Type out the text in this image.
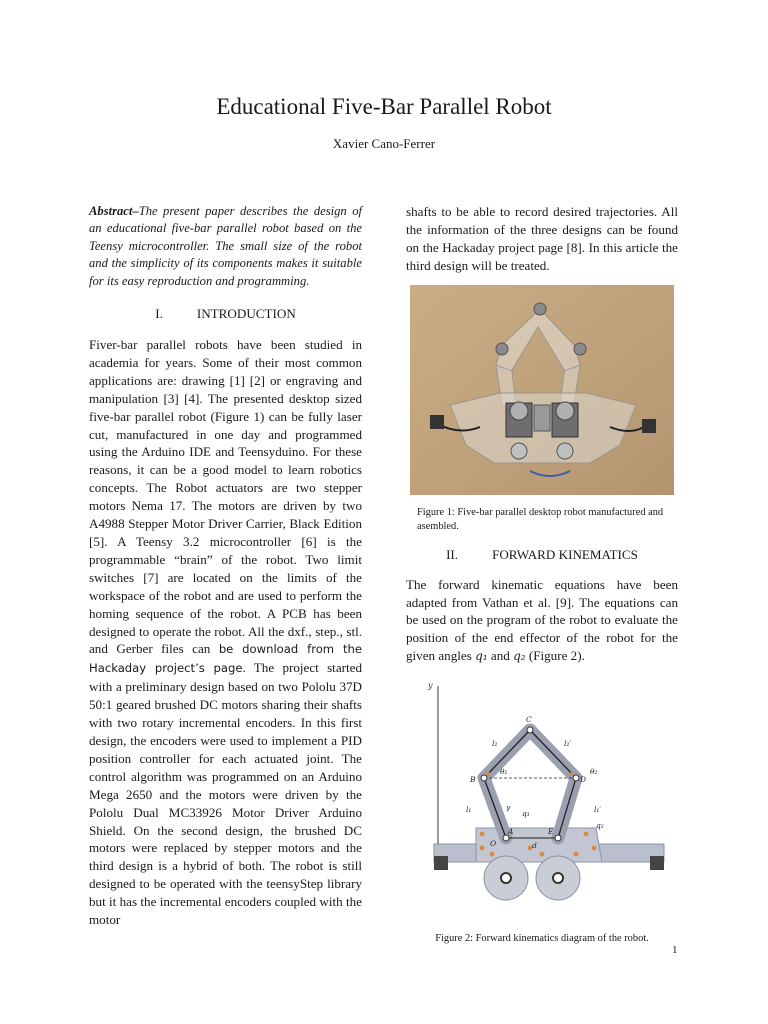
Educational Five-Bar Parallel Robot
Xavier Cano-Ferrer

Abstract–The present paper describes the design of an educational five-bar parallel robot based on the Teensy microcontroller. The small size of the robot and the simplicity of its components makes it suitable for its easy reproduction and programming.

I.	INTRODUCTION

Fiver-bar parallel robots have been studied in academia for years. Some of their most common applications are: drawing [1] [2] or engraving and manipulation [3] [4]. The presented desktop sized five-bar parallel robot (Figure 1) can be fully laser cut, manufactured in one day and programmed using the Arduino IDE and Teensyduino. For these reasons, it can be a good model to learn robotics concepts. The Robot actuators are two stepper motors Nema 17. The motors are driven by two A4988 Stepper Motor Driver Carrier, Black Edition [5]. A Teensy 3.2 microcontroller [6] is the programmable “brain” of the robot. Two limit switches [7] are located on the limits of the workspace of the robot and are used to perform the homing sequence of the robot. A PCB has been designed to operate the robot. All the dxf., step., stl. and Gerber files can be download from the Hackaday project’s page. The project started with a preliminary design based on two Pololu 37D 50:1 geared brushed DC motors sharing their shafts with two rotary incremental encoders. In this first design, the encoders were used to implement a PID position controller for each actuated joint. The control algorithm was programmed on an Arduino Mega 2650 and the motors were driven by the Pololu Dual MC33926 Motor Driver Arduino Shield. On the second design, the brushed DC motors were replaced by stepper motors and the third design is a hybrid of both. The robot is still designed to be operated with the teensyStep library but it has the incremental encoders coupled with the motor

shafts to be able to record desired trajectories. All the information of the three designs can be found on the Hackaday project page [8]. In this article the third design will be treated.

Figure 1: Five-bar parallel desktop robot manufactured and asembled.
II.	FORWARD KINEMATICS

The forward kinematic equations have been adapted from Vathan et al. [9]. The equations can be used on the program of the robot to evaluate the position of the end effector of the robot for the given angles q₁ and q₂ (Figure 2).

y
C
B	D
A	E
O
l₂	l₂′
l₁	l₁′
θ₁	θ₂
γ
q₁
q₂
d
Figure 2: Forward kinematics diagram of the robot.
1
